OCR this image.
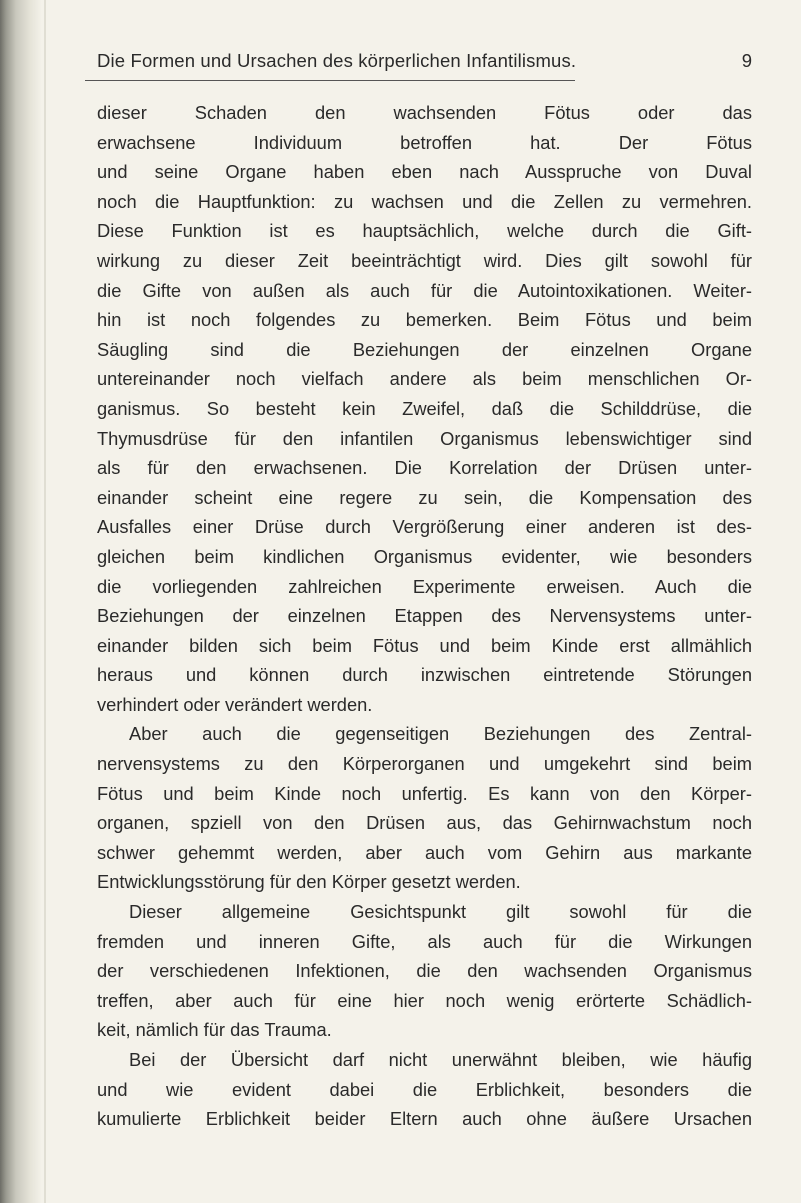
Die Formen und Ursachen des körperlichen Infantilismus.	9
dieser Schaden den wachsenden Fötus oder das
erwachsene Individuum betroffen hat. Der Fötus
und seine Organe haben eben nach Ausspruche von Duval
noch die Hauptfunktion: zu wachsen und die Zellen zu vermehren.
Diese Funktion ist es hauptsächlich, welche durch die Gift-
wirkung zu dieser Zeit beeinträchtigt wird. Dies gilt sowohl für
die Gifte von außen als auch für die Autointoxikationen. Weiter-
hin ist noch folgendes zu bemerken. Beim Fötus und beim
Säugling sind die Beziehungen der einzelnen Organe
untereinander noch vielfach andere als beim menschlichen Or-
ganismus. So besteht kein Zweifel, daß die Schilddrüse, die
Thymusdrüse für den infantilen Organismus lebenswichtiger sind
als für den erwachsenen. Die Korrelation der Drüsen unter-
einander scheint eine regere zu sein, die Kompensation des
Ausfalles einer Drüse durch Vergrößerung einer anderen ist des-
gleichen beim kindlichen Organismus evidenter, wie besonders
die vorliegenden zahlreichen Experimente erweisen. Auch die
Beziehungen der einzelnen Etappen des Nervensystems unter-
einander bilden sich beim Fötus und beim Kinde erst allmählich
heraus und können durch inzwischen eintretende Störungen
verhindert oder verändert werden.
Aber auch die gegenseitigen Beziehungen des Zentral-
nervensystems zu den Körperorganen und umgekehrt sind beim
Fötus und beim Kinde noch unfertig. Es kann von den Körper-
organen, spziell von den Drüsen aus, das Gehirnwachstum noch
schwer gehemmt werden, aber auch vom Gehirn aus markante
Entwicklungsstörung für den Körper gesetzt werden.
Dieser allgemeine Gesichtspunkt gilt sowohl für die
fremden und inneren Gifte, als auch für die Wirkungen
der verschiedenen Infektionen, die den wachsenden Organismus
treffen, aber auch für eine hier noch wenig erörterte Schädlich-
keit, nämlich für das Trauma.
Bei der Übersicht darf nicht unerwähnt bleiben, wie häufig
und wie evident dabei die Erblichkeit, besonders die
kumulierte Erblichkeit beider Eltern auch ohne äußere Ursachen
